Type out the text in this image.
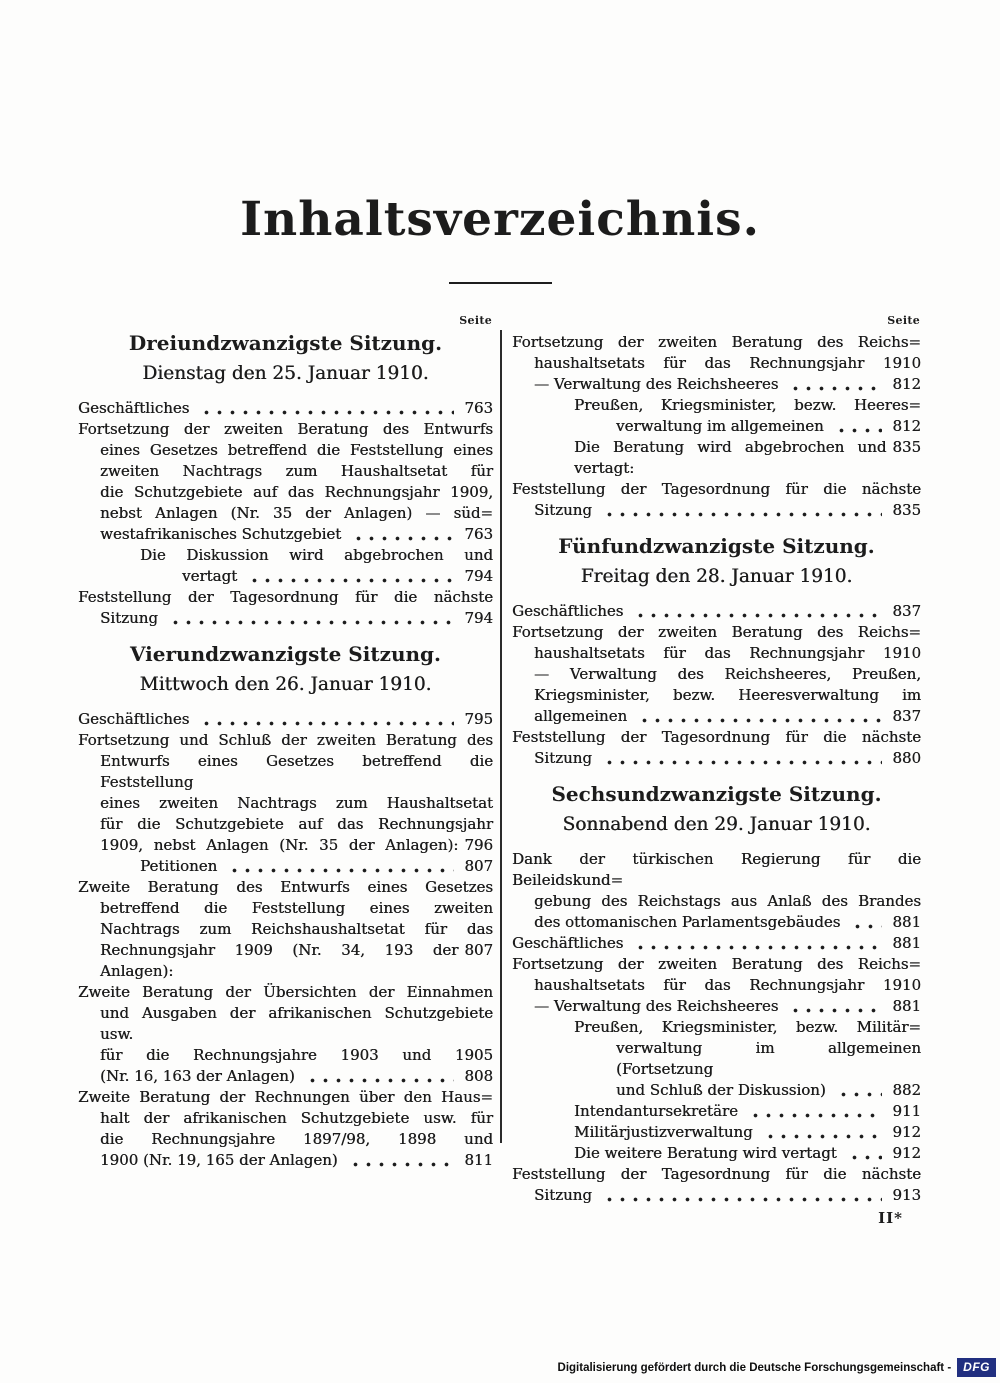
Inhaltsverzeichnis.
Seite
Dreiundzwanzigste Sitzung.
Dienstag den 25. Januar 1910.
Geschäftliches	763
Fortsetzung der zweiten Beratung des Entwurfs
eines Gesetzes betreffend die Feststellung eines
zweiten Nachtrags zum Haushaltsetat für
die Schutzgebiete auf das Rechnungsjahr 1909,
nebst Anlagen (Nr. 35 der Anlagen) — süd=
westafrikanisches Schutzgebiet	763
Die Diskussion wird abgebrochen und
vertagt	794
Feststellung der Tagesordnung für die nächste
Sitzung	794
Vierundzwanzigste Sitzung.
Mittwoch den 26. Januar 1910.
Geschäftliches	795
Fortsetzung und Schluß der zweiten Beratung des
Entwurfs eines Gesetzes betreffend die Feststellung
eines zweiten Nachtrags zum Haushaltsetat
für die Schutzgebiete auf das Rechnungsjahr
1909, nebst Anlagen (Nr. 35 der Anlagen): 796
Petitionen	807
Zweite Beratung des Entwurfs eines Gesetzes
betreffend die Feststellung eines zweiten
Nachtrags zum Reichshaushaltsetat für das
Rechnungsjahr 1909 (Nr. 34, 193 der Anlagen):
807
Zweite Beratung der Übersichten der Einnahmen
und Ausgaben der afrikanischen Schutzgebiete usw.
für die Rechnungsjahre 1903 und 1905
(Nr. 16, 163 der Anlagen)	808
Zweite Beratung der Rechnungen über den Haus=
halt der afrikanischen Schutzgebiete usw. für
die Rechnungsjahre 1897/98, 1898 und
1900 (Nr. 19, 165 der Anlagen)	811
Seite
Fortsetzung der zweiten Beratung des Reichs=
haushaltsetats für das Rechnungsjahr 1910
— Verwaltung des Reichsheeres	812
Preußen, Kriegsminister, bezw. Heeres=
verwaltung im allgemeinen	812
Die Beratung wird abgebrochen und vertagt:
835
Feststellung der Tagesordnung für die nächste
Sitzung	835
Fünfundzwanzigste Sitzung.
Freitag den 28. Januar 1910.
Geschäftliches	837
Fortsetzung der zweiten Beratung des Reichs=
haushaltsetats für das Rechnungsjahr 1910
— Verwaltung des Reichsheeres, Preußen,
Kriegsminister, bezw. Heeresverwaltung im
allgemeinen	837
Feststellung der Tagesordnung für die nächste
Sitzung	880
Sechsundzwanzigste Sitzung.
Sonnabend den 29. Januar 1910.
Dank der türkischen Regierung für die Beileidskund=
gebung des Reichstags aus Anlaß des Brandes
des ottomanischen Parlamentsgebäudes	881
Geschäftliches	881
Fortsetzung der zweiten Beratung des Reichs=
haushaltsetats für das Rechnungsjahr 1910
— Verwaltung des Reichsheeres	881
Preußen, Kriegsminister, bezw. Militär=
verwaltung im allgemeinen (Fortsetzung
und Schluß der Diskussion)	882
Intendantursekretäre	911
Militärjustizverwaltung	912
Die weitere Beratung wird vertagt	912
Feststellung der Tagesordnung für die nächste
Sitzung	913
II*
Digitalisierung gefördert durch die Deutsche Forschungsgemeinschaft -	DFG
